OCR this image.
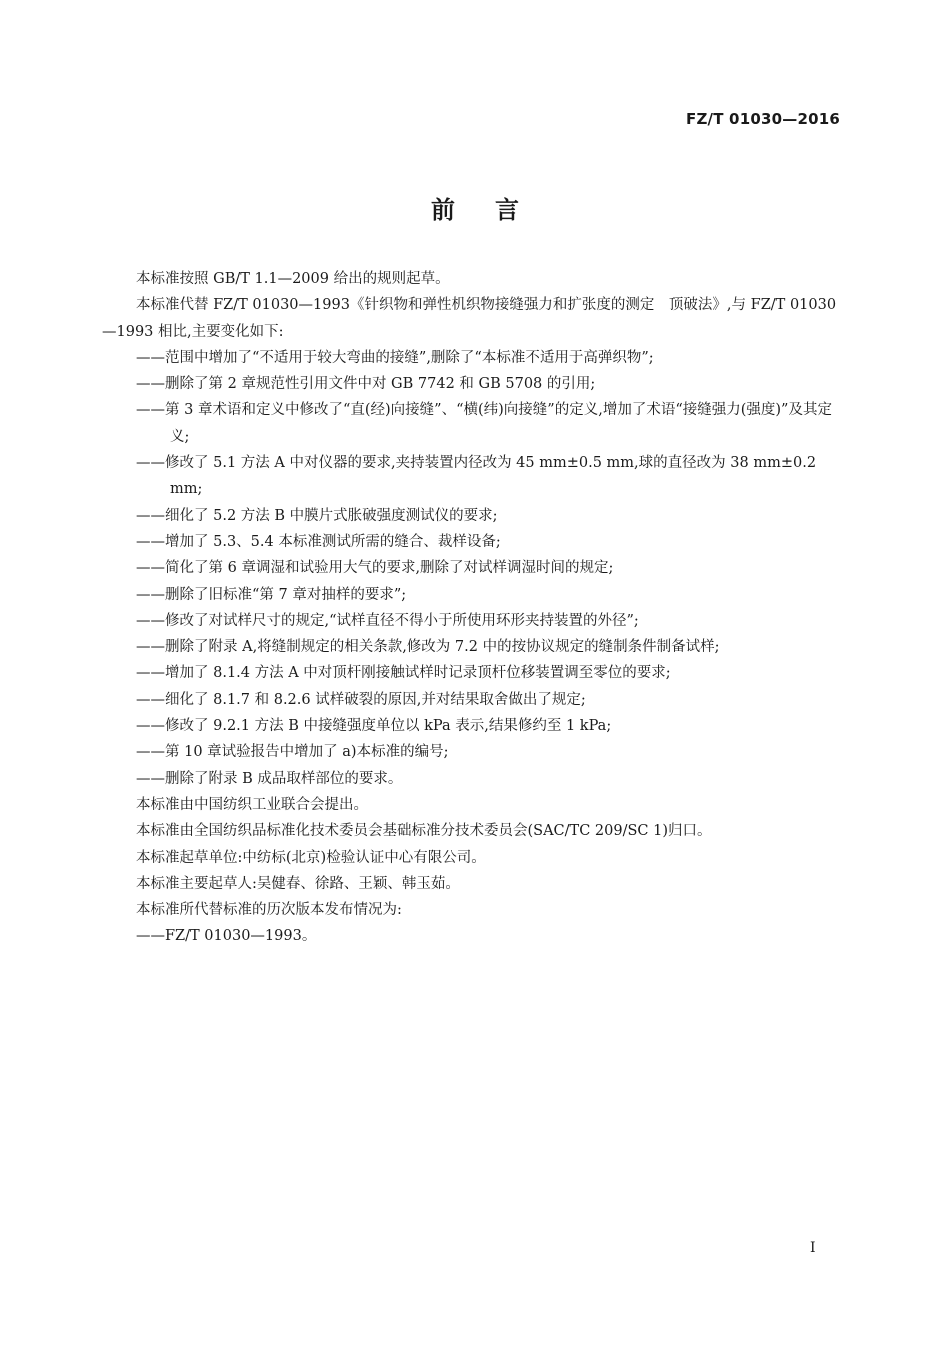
FZ/T 01030—2016
前言

本标准按照 GB/T 1.1—2009 给出的规则起草。

本标准代替 FZ/T 01030—1993《针织物和弹性机织物接缝强力和扩张度的测定　顶破法》,与 FZ/T 01030—1993 相比,主要变化如下:

——范围中增加了“不适用于较大弯曲的接缝”,删除了“本标准不适用于高弹织物”;

——删除了第 2 章规范性引用文件中对 GB 7742 和 GB 5708 的引用;

——第 3 章术语和定义中修改了“直(经)向接缝”、“横(纬)向接缝”的定义,增加了术语“接缝强力(强度)”及其定义;

——修改了 5.1 方法 A 中对仪器的要求,夹持装置内径改为 45 mm±0.5 mm,球的直径改为 38 mm±0.2 mm;

——细化了 5.2 方法 B 中膜片式胀破强度测试仪的要求;

——增加了 5.3、5.4 本标准测试所需的缝合、裁样设备;

——简化了第 6 章调湿和试验用大气的要求,删除了对试样调湿时间的规定;

——删除了旧标准“第 7 章对抽样的要求”;

——修改了对试样尺寸的规定,“试样直径不得小于所使用环形夹持装置的外径”;

——删除了附录 A,将缝制规定的相关条款,修改为 7.2 中的按协议规定的缝制条件制备试样;

——增加了 8.1.4 方法 A 中对顶杆刚接触试样时记录顶杆位移装置调至零位的要求;

——细化了 8.1.7 和 8.2.6 试样破裂的原因,并对结果取舍做出了规定;

——修改了 9.2.1 方法 B 中接缝强度单位以 kPa 表示,结果修约至 1 kPa;

——第 10 章试验报告中增加了 a)本标准的编号;

——删除了附录 B 成品取样部位的要求。

本标准由中国纺织工业联合会提出。

本标准由全国纺织品标准化技术委员会基础标准分技术委员会(SAC/TC 209/SC 1)归口。

本标准起草单位:中纺标(北京)检验认证中心有限公司。

本标准主要起草人:吴健春、徐路、王颖、韩玉茹。

本标准所代替标准的历次版本发布情况为:

——FZ/T 01030—1993。

I
